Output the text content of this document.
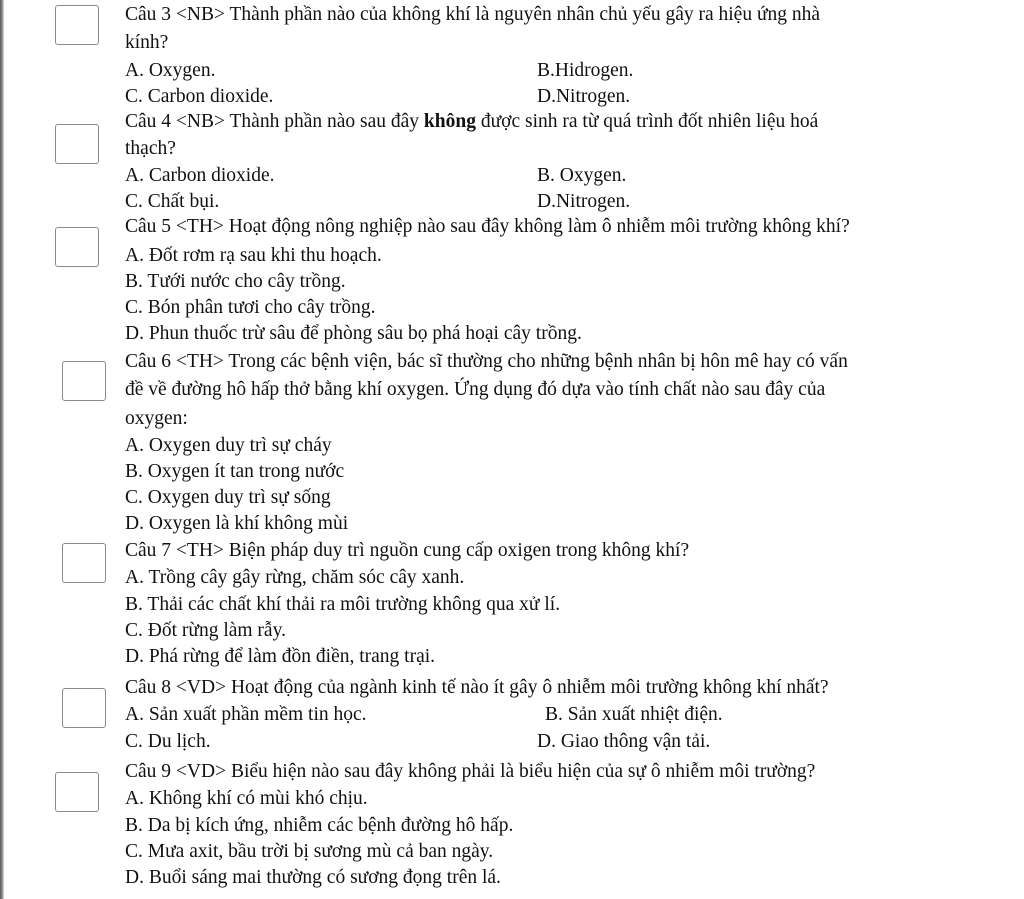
Câu 3 <NB> Thành phần nào của không khí là nguyên nhân chủ yếu gây ra hiệu ứng nhà
kính?
A. Oxygen.	B.Hidrogen.
C. Carbon dioxide.	D.Nitrogen.
Câu 4 <NB> Thành phần nào sau đây không được sinh ra từ quá trình đốt nhiên liệu hoá
thạch?
A. Carbon dioxide.	B. Oxygen.
C. Chất bụi.	D.Nitrogen.
Câu 5 <TH> Hoạt động nông nghiệp nào sau đây không làm ô nhiễm môi trường không khí?
A. Đốt rơm rạ sau khi thu hoạch.
B. Tưới nước cho cây trồng.
C. Bón phân tươi cho cây trồng.
D. Phun thuốc trừ sâu để phòng sâu bọ phá hoại cây trồng.
Câu 6 <TH> Trong các bệnh viện, bác sĩ thường cho những bệnh nhân bị hôn mê hay có vấn
đề về đường hô hấp thở bằng khí oxygen. Ứng dụng đó dựa vào tính chất nào sau đây của
oxygen:
A. Oxygen duy trì sự cháy
B. Oxygen ít tan trong nước
C. Oxygen duy trì sự sống
D. Oxygen là khí không mùi
Câu 7 <TH> Biện pháp duy trì nguồn cung cấp oxigen trong không khí?
A. Trồng cây gây rừng, chăm sóc cây xanh.
B. Thải các chất khí thải ra môi trường không qua xử lí.
C. Đốt rừng làm rẫy.
D. Phá rừng để làm đồn điền, trang trại.
Câu 8 <VD> Hoạt động của ngành kinh tế nào ít gây ô nhiễm môi trường không khí nhất?
A. Sản xuất phần mềm tin học.	B. Sản xuất nhiệt điện.
C. Du lịch.	D. Giao thông vận tải.
Câu 9 <VD> Biểu hiện nào sau đây không phải là biểu hiện của sự ô nhiễm môi trường?
A. Không khí có mùi khó chịu.
B. Da bị kích ứng, nhiễm các bệnh đường hô hấp.
C. Mưa axit, bầu trời bị sương mù cả ban ngày.
D. Buổi sáng mai thường có sương đọng trên lá.
